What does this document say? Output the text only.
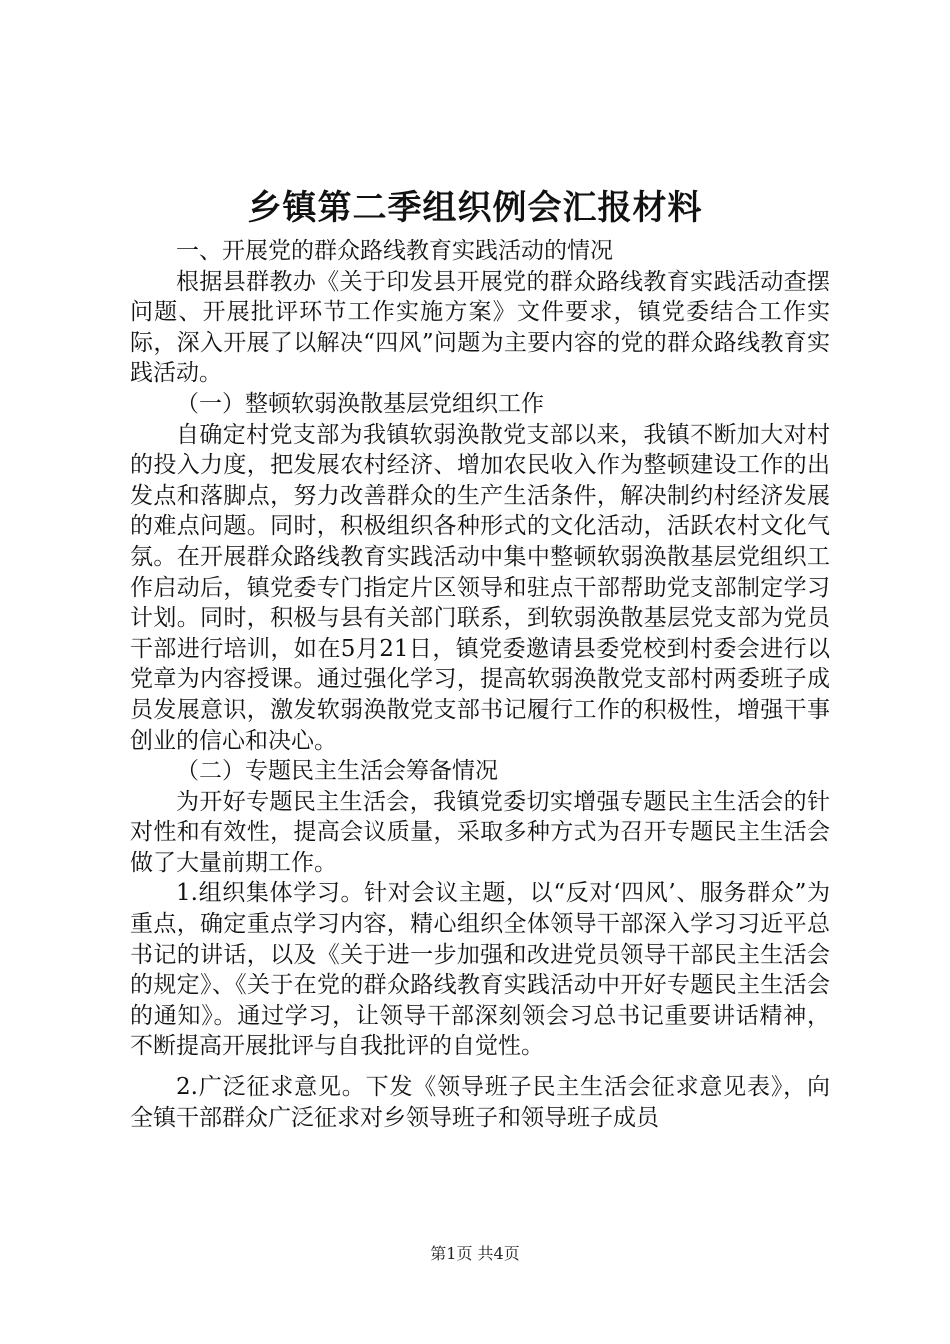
乡镇第二季组织例会汇报材料

一、开展党的群众路线教育实践活动的情况

根据县群教办《关于印发县开展党的群众路线教育实践活动查摆问题、开展批评环节工作实施方案》文件要求，镇党委结合工作实际，深入开展了以解决“四风”问题为主要内容的党的群众路线教育实践活动。

（一）整顿软弱涣散基层党组织工作

自确定村党支部为我镇软弱涣散党支部以来，我镇不断加大对村的投入力度，把发展农村经济、增加农民收入作为整顿建设工作的出发点和落脚点，努力改善群众的生产生活条件，解决制约村经济发展的难点问题。同时，积极组织各种形式的文化活动，活跃农村文化气氛。在开展群众路线教育实践活动中集中整顿软弱涣散基层党组织工作启动后，镇党委专门指定片区领导和驻点干部帮助党支部制定学习计划。同时，积极与县有关部门联系，到软弱涣散基层党支部为党员干部进行培训，如在5月21日，镇党委邀请县委党校到村委会进行以党章为内容授课。通过强化学习，提高软弱涣散党支部村两委班子成员发展意识，激发软弱涣散党支部书记履行工作的积极性，增强干事创业的信心和决心。

（二）专题民主生活会筹备情况

为开好专题民主生活会，我镇党委切实增强专题民主生活会的针对性和有效性，提高会议质量，采取多种方式为召开专题民主生活会做了大量前期工作。

1.组织集体学习。针对会议主题，以“反对‘四风’、服务群众”为重点，确定重点学习内容，精心组织全体领导干部深入学习习近平总书记的讲话，以及《关于进一步加强和改进党员领导干部民主生活会的规定》、《关于在党的群众路线教育实践活动中开好专题民主生活会的通知》。通过学习，让领导干部深刻领会习总书记重要讲话精神，不断提高开展批评与自我批评的自觉性。

2.广泛征求意见。下发《领导班子民主生活会征求意见表》，向全镇干部群众广泛征求对乡领导班子和领导班子成员

第1页 共4页
